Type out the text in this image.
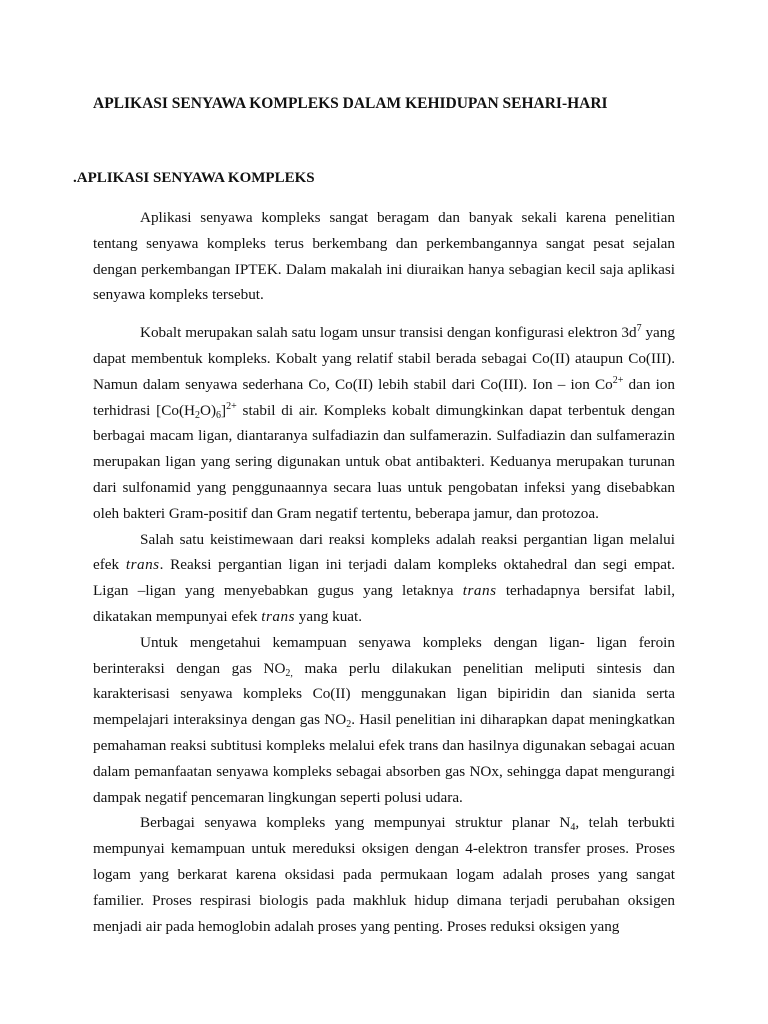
APLIKASI SENYAWA KOMPLEKS DALAM KEHIDUPAN SEHARI-HARI
.APLIKASI SENYAWA KOMPLEKS

Aplikasi senyawa kompleks sangat beragam dan banyak sekali karena penelitian tentang senyawa kompleks terus berkembang dan perkembangannya sangat pesat sejalan dengan perkembangan IPTEK. Dalam makalah ini diuraikan hanya sebagian kecil saja aplikasi senyawa kompleks tersebut.

Kobalt merupakan salah satu logam unsur transisi dengan konfigurasi elektron $3d^7$ yang dapat membentuk kompleks. Kobalt yang relatif stabil berada sebagai Co(II) ataupun Co(III). Namun dalam senyawa sederhana Co, Co(II) lebih stabil dari Co(III). Ion – ion $Co^{2+}$ dan ion terhidrasi $[Co(H_2O)_6]^{2+}$ stabil di air. Kompleks kobalt dimungkinkan dapat terbentuk dengan berbagai macam ligan, diantaranya sulfadiazin dan sulfamerazin. Sulfadiazin dan sulfamerazin merupakan ligan yang sering digunakan untuk obat antibakteri. Keduanya merupakan turunan dari sulfonamid yang penggunaannya secara luas untuk pengobatan infeksi yang disebabkan oleh bakteri Gram-positif dan Gram negatif tertentu, beberapa jamur, dan protozoa.

Salah satu keistimewaan dari reaksi kompleks adalah reaksi pergantian ligan melalui efek trans. Reaksi pergantian ligan ini terjadi dalam kompleks oktahedral dan segi empat. Ligan –ligan yang menyebabkan gugus yang letaknya trans terhadapnya bersifat labil, dikatakan mempunyai efek trans yang kuat.

Untuk mengetahui kemampuan senyawa kompleks dengan ligan- ligan feroin berinteraksi dengan gas $NO_{2,}$ maka perlu dilakukan penelitian meliputi sintesis dan karakterisasi senyawa kompleks Co(II) menggunakan ligan bipiridin dan sianida serta mempelajari interaksinya dengan gas $NO_2$. Hasil penelitian ini diharapkan dapat meningkatkan pemahaman reaksi subtitusi kompleks melalui efek trans dan hasilnya digunakan sebagai acuan dalam pemanfaatan senyawa kompleks sebagai absorben gas NOx, sehingga dapat mengurangi dampak negatif pencemaran lingkungan seperti polusi udara.

Berbagai senyawa kompleks yang mempunyai struktur planar $N_4$, telah terbukti mempunyai kemampuan untuk mereduksi oksigen dengan 4-elektron transfer proses. Proses logam yang berkarat karena oksidasi pada permukaan logam adalah proses yang sangat familier. Proses respirasi biologis pada makhluk hidup dimana terjadi perubahan oksigen menjadi air pada hemoglobin adalah proses yang penting. Proses reduksi oksigen yang
